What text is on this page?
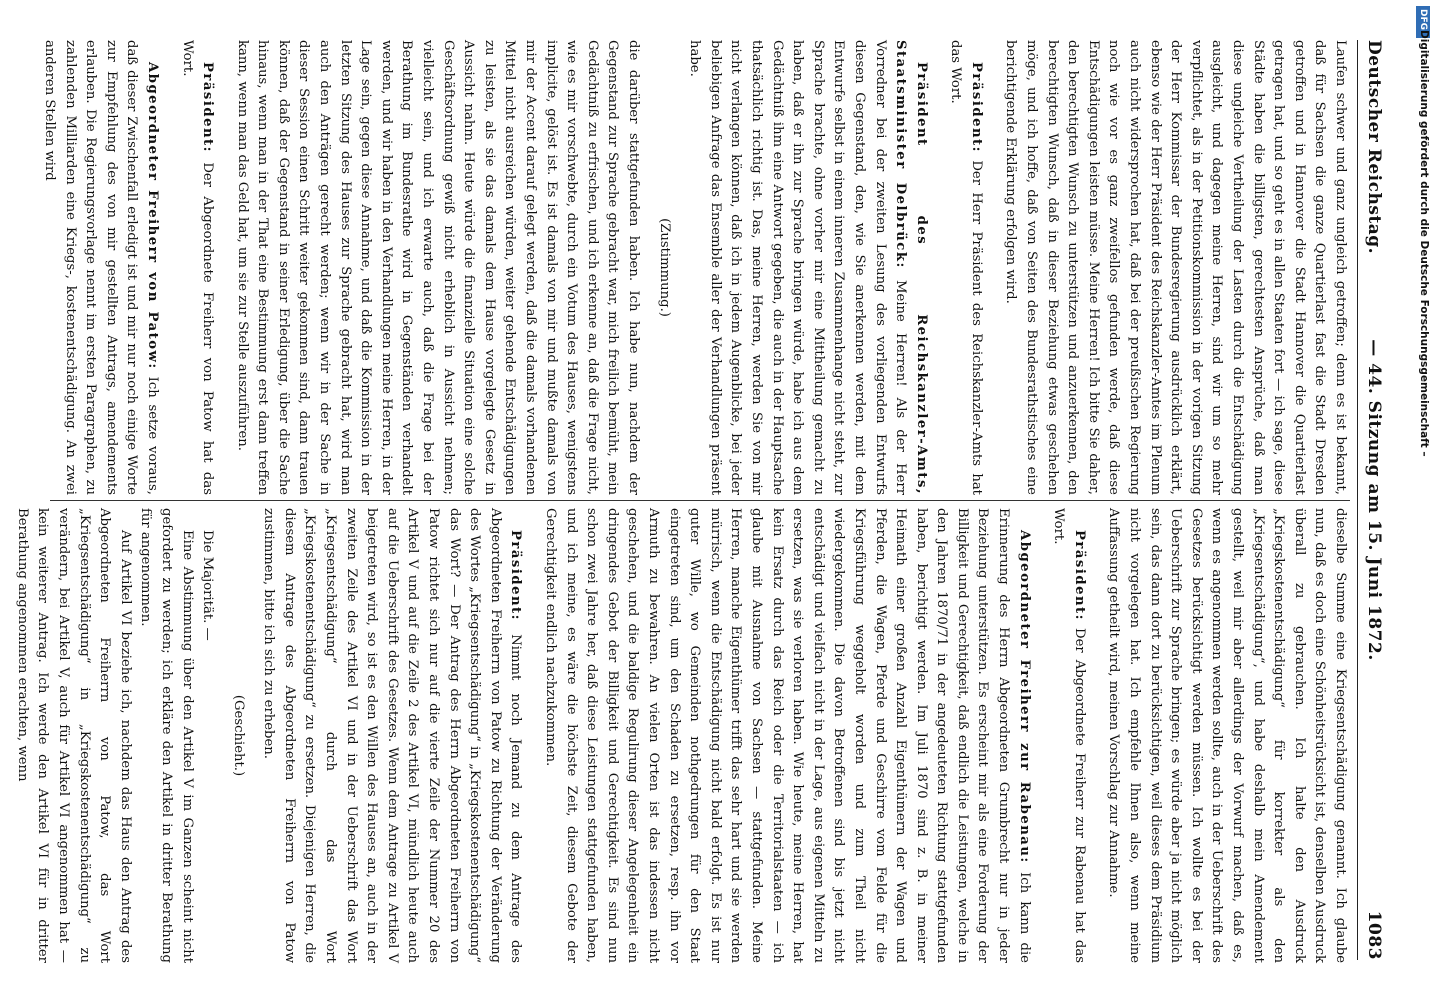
Deutscher Reichstag.
— 44. Sitzung am 15. Juni 1872.
1083

Laufen schwer und ganz ungleich getroffen; denn es ist bekannt, daß für Sachsen die ganze Quartierlast fast die Stadt Dresden getroffen und in Hannover die Stadt Hannover die Quartierlast getragen hat, und so geht es in allen Staaten fort — ich sage, diese Städte haben die billigsten, gerechtesten Ansprüche, daß man diese ungleiche Vertheilung der Lasten durch die Entschädigung ausgleicht, und dagegen meine Herren, sind wir um so mehr verpflichtet, als in der Petitionskommission in der vorigen Sitzung der Herr Kommissar der Bundesregierung ausdrücklich erklärt, ebenso wie der Herr Präsident des Reichskanzler-Amtes im Plenum auch nicht widersprochen hat, daß bei der preußischen Regierung noch wie vor es ganz zweifellos gefunden werde, daß diese Entschädigungen leisten müsse. Meine Herren! Ich bitte Sie daher, den berechtigten Wunsch zu unterstützen und anzuerkennen, den berechtigten Wunsch, daß in dieser Beziehung etwas geschehen möge, und ich hoffe, daß von Seiten des Bundesrathstisches eine berichtigende Erklärung erfolgen wird.

Präsident: Der Herr Präsident des Reichskanzler-Amts hat das Wort.

Präsident des Reichskanzler-Amts, Staatsminister Delbrück: Meine Herren! Als der Herr Vorredner bei der zweiten Lesung des vorliegenden Entwurfs diesen Gegenstand, den, wie Sie anerkennen werden, mit dem Entwurfe selbst in einem inneren Zusammenhange nicht steht, zur Sprache brachte, ohne vorher mir eine Mittheilung gemacht zu haben, daß er ihn zur Sprache bringen würde, habe ich aus dem Gedächtniß ihm eine Antwort gegeben, die auch in der Hauptsache thatsächlich richtig ist. Das, meine Herren, werden Sie von mir nicht verlangen können, daß ich in jedem Augenblicke, bei jeder beliebigen Anfrage das Ensemble aller der Verhandlungen präsent habe.

(Zustimmung.)

die darüber stattgefunden haben. Ich habe nun, nachdem der Gegenstand zur Sprache gebracht war, mich freilich bemüht, mein Gedächtniß zu erfrischen, und ich erkenne an, daß die Frage nicht, wie es mir vorschwebte, durch ein Votum des Hauses, wenigstens implicite, gelöst ist. Es ist damals von mir und mußte damals von mir der Accent darauf gelegt werden, daß die damals vorhandenen Mittel nicht ausreichen würden, weiter gehende Entschädigungen zu leisten, als sie das damals dem Hause vorgelegte Gesetz in Aussicht nahm. Heute würde die finanzielle Situation eine solche Geschäftsordnung gewiß nicht erheblich in Aussicht nehmen; vielleicht sein, und ich erwarte auch, daß die Frage bei der Berathung im Bundesrathe wird in Gegenständen verhandelt werden, und wir haben in den Verhandlungen meine Herren, in der Lage sein, gegen diese Annahme, und daß die Kommission in der letzten Sitzung des Hauses zur Sprache gebracht hat, wird man auch den Anträgen gerecht werden; wenn wir in der Sache in dieser Session einen Schritt weiter gekommen sind, dann trauen können, daß der Gegenstand in seiner Erledigung, über die Sache hinaus, wenn man in der That eine Bestimmung erst dann treffen kann, wenn man das Geld hat, um sie zur Stelle auszuführen.

Präsident: Der Abgeordnete Freiherr von Patow hat das Wort.

Abgeordneter Freiherr von Patow: Ich setze voraus, daß dieser Zwischenfall erledigt ist und mir nur noch einige Worte zur Empfehlung des von mir gestellten Antrags, amendements erlauben. Die Regierungsvorlage nennt im ersten Paragraphen, zu zahlenden Milliarden eine Kriegs-, kostenentschädigung. An zwei anderen Stellen wird

dieselbe Summe eine Kriegsentschädigung genannt. Ich glaube nun, daß es doch eine Schönheitsrücksicht ist, denselben Ausdruck überall zu gebrauchen. Ich halte den Ausdruck „Kriegskostenentschädigung“ für korrekter als den „Kriegsentschädigung“, und habe deshalb mein Amendement gestellt, weil mir aber allerdings der Vorwurf machen, daß es, wenn es angenommen werden sollte, auch in der Ueberschrift des Gesetzes berücksichtigt werden müssen. Ich wollte es bei der Ueberschrift zur Sprache bringen; es würde aber ja nicht möglich sein, das dann dort zu berücksichtigen, weil dieses dem Präsidium nicht vorgelegen hat. Ich empfehle Ihnen also, wenn meine Auffassung getheilt wird, meinen Vorschlag zur Annahme.

Präsident: Der Abgeordnete Freiherr zur Rabenau hat das Wort.

Abgeordneter Freiherr zur Rabenau: Ich kann die Erinnerung des Herrn Abgeordneten Grumbrecht nur in jeder Beziehung unterstützen. Es erscheint mir als eine Forderung der Billigkeit und Gerechtigkeit, daß endlich die Leistungen, welche in den Jahren 1870/71 in der angedeuteten Richtung stattgefunden haben, berichtigt werden. Im Juli 1870 sind z. B. in meiner Heimath einer großen Anzahl Eigenthümern der Wagen und Pferden, die Wagen, Pferde und Geschirre vom Felde für die Kriegsführung weggeholt worden und zum Theil nicht wiedergekommen. Die davon Betroffenen sind bis jetzt nicht entschädigt und vielfach nicht in der Lage, aus eigenen Mitteln zu ersetzen, was sie verloren haben. Wie heute, meine Herren, hat kein Ersatz durch das Reich oder die Territorialstaaten — ich glaube mit Ausnahme von Sachsen — stattgefunden. Meine Herren, manche Eigenthümer trifft das sehr hart und sie werden mürrisch, wenn die Entschädigung nicht bald erfolgt. Es ist nur guter Wille, wo Gemeinden nothgedrungen für den Staat eingetreten sind, um den Schaden zu ersetzen, resp. ihn vor Armuth zu bewahren. An vielen Orten ist das indessen nicht geschehen, und die baldige Regulirung dieser Angelegenheit ein dringendes Gebot der Billigkeit und Gerechtigkeit. Es sind nun schon zwei Jahre her, daß diese Leistungen stattgefunden haben, und ich meine, es wäre die höchste Zeit, diesem Gebote der Gerechtigkeit endlich nachzukommen.

Präsident: Nimmt noch Jemand zu dem Antrage des Abgeordneten Freiherrn von Patow zu Richtung der Veränderung des Wortes „Kriegsentschädigung“ in „Kriegskostenentschädigung“ das Wort? — Der Antrag des Herrn Abgeordneten Freiherrn von Patow richtet sich nur auf die vierte Zeile der Nummer 20 des Artikel V und auf die Zeile 2 des Artikel VI, mündlich heute auch auf die Ueberschrift des Gesetzes. Wenn dem Antrage zu Artikel V beigetreten wird, so ist es den Willen des Hauses an, auch in der zweiten Zeile des Artikel VI und in der Ueberschrift das Wort „Kriegsentschädigung“ durch das Wort „Kriegskostenentschädigung“ zu ersetzen. Diejenigen Herren, die diesem Antrage des Abgeordneten Freiherrn von Patow zustimmen, bitte ich sich zu erheben.

(Geschieht.)

Die Majorität. —

Eine Abstimmung über den Artikel V im Ganzen scheint nicht gefordert zu werden; ich erkläre den Artikel in dritter Berathung für angenommen.

Auf Artikel VI beziehe ich, nachdem das Haus den Antrag des Abgeordneten Freiherrn von Patow, das Wort „Kriegsentschädigung“ in „Kriegskostenentschädigung“ zu verändern, bei Artikel V, auch für Artikel VI angenommen hat — kein weiterer Antrag. Ich werde den Artikel VI für in dritter Berathung angenommen erachten, wenn

DFG
Digitalisierung gefördert durch die Deutsche Forschungsgemeinschaft –
